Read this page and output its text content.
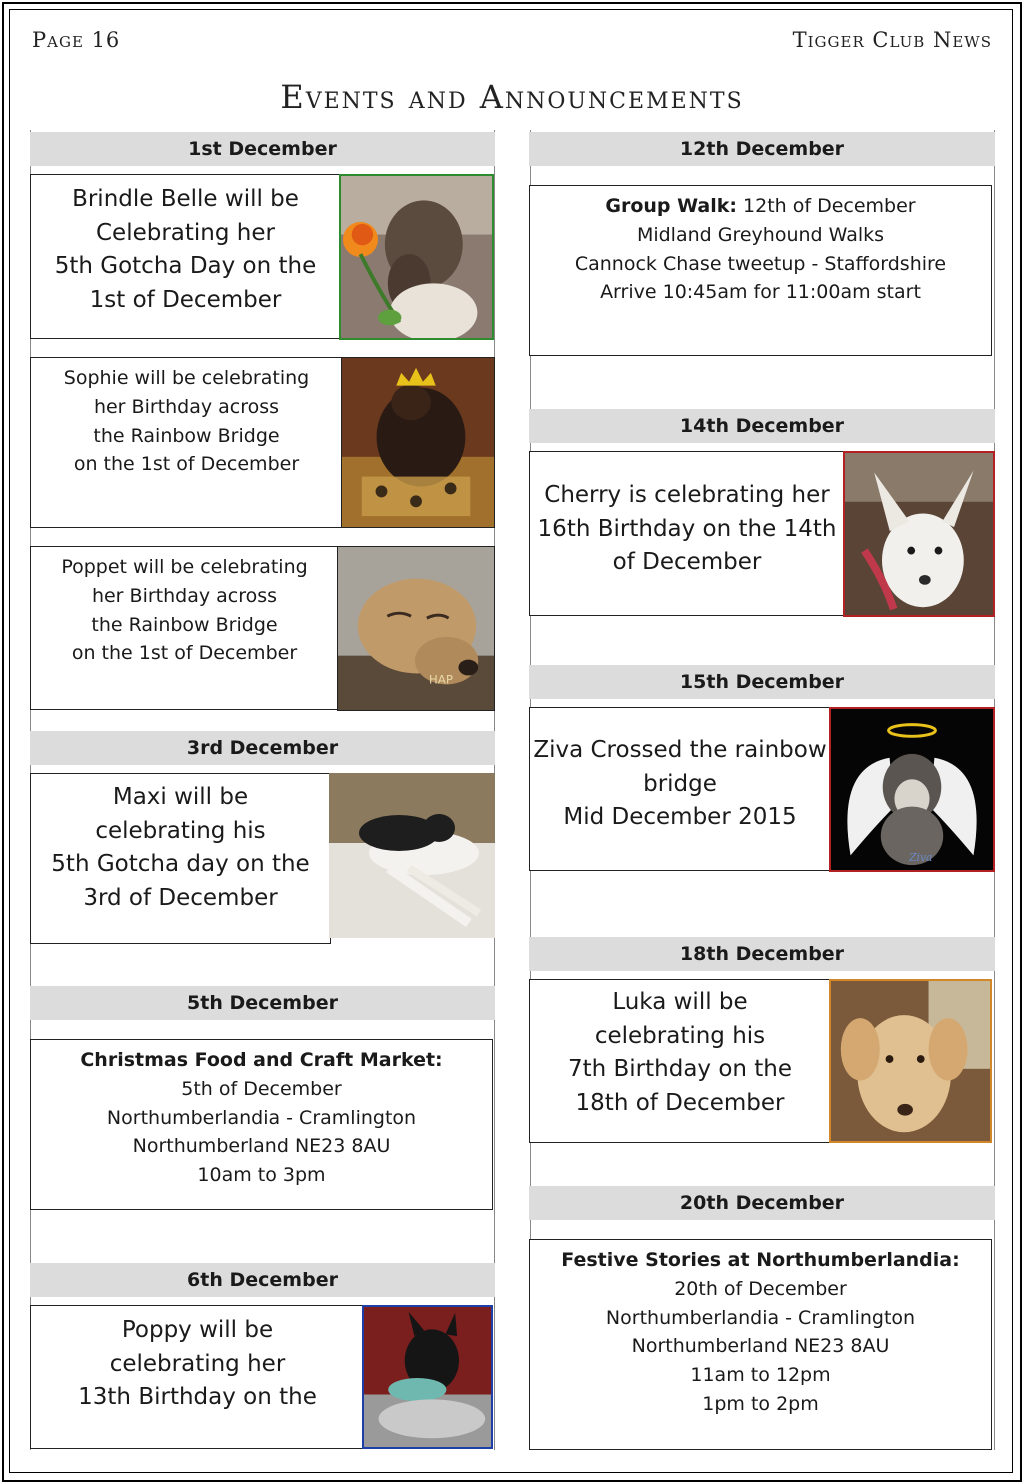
Page 16	Tigger Club News
Events and Announcements
1st December
Brindle Belle will be
Celebrating her
5th Gotcha Day on the
1st of December
Sophie will be celebrating
her Birthday across
the Rainbow Bridge
on the 1st of December
Poppet will be celebrating
her Birthday across
the Rainbow Bridge
on the 1st of December
HAP
3rd December
Maxi will be
celebrating his
5th Gotcha day on the
3rd of December
5th December
Christmas Food and Craft Market:
5th of December
Northumberlandia - Cramlington
Northumberland NE23 8AU
10am to 3pm
6th December
Poppy will be
celebrating her
13th Birthday on the
12th December
Group Walk: 12th of December
Midland Greyhound Walks
Cannock Chase tweetup - Staffordshire
Arrive 10:45am for 11:00am start
14th December
Cherry is celebrating her
16th Birthday on the 14th
of December
15th December
Ziva Crossed the rainbow
bridge
Mid December 2015
Ziva
18th December
Luka will be
celebrating his
7th Birthday on the
18th of December
20th December
Festive Stories at Northumberlandia:
20th of December
Northumberlandia - Cramlington
Northumberland NE23 8AU
11am to 12pm
1pm to 2pm
